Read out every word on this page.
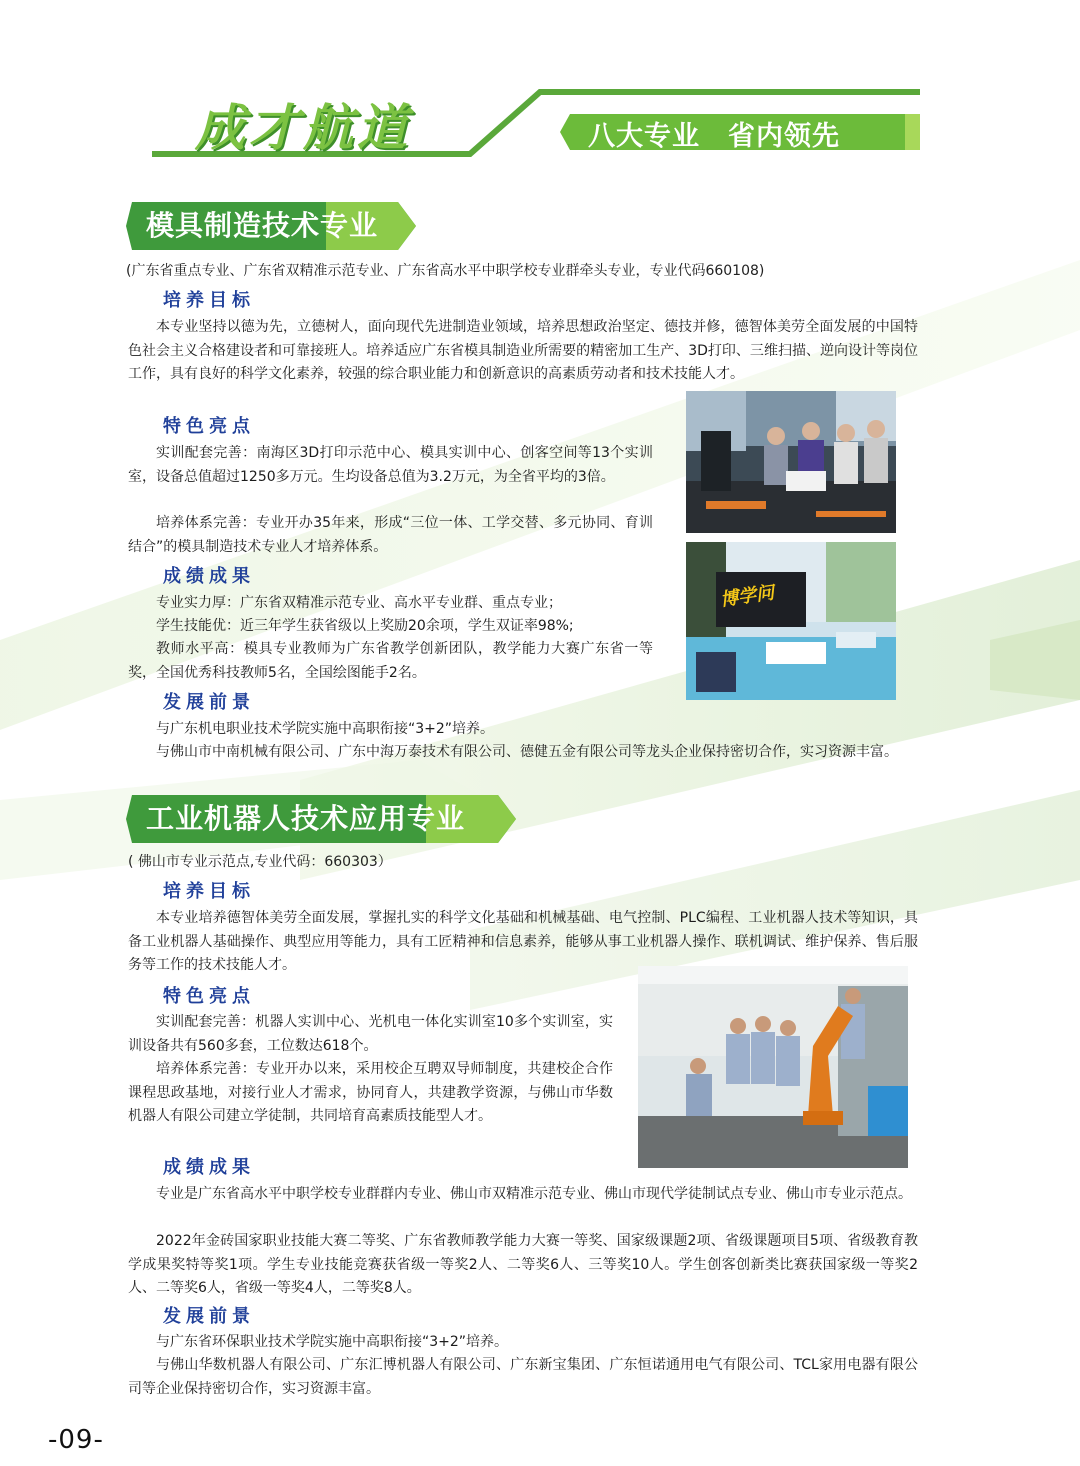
成才航道	八大专业　省内领先
模具制造技术专业
(广东省重点专业、广东省双精准示范专业、广东省高水平中职学校专业群牵头专业，专业代码660108)
培养目标

本专业坚持以德为先，立德树人，面向现代先进制造业领域，培养思想政治坚定、德技并修，德智体美劳全面发展的中国特色社会主义合格建设者和可靠接班人。培养适应广东省模具制造业所需要的精密加工生产、3D打印、三维扫描、逆向设计等岗位工作，具有良好的科学文化素养，较强的综合职业能力和创新意识的高素质劳动者和技术技能人才。

特色亮点

实训配套完善：南海区3D打印示范中心、模具实训中心、创客空间等13个实训室，设备总值超过1250多万元。生均设备总值为3.2万元，为全省平均的3倍。

培养体系完善：专业开办35年来，形成“三位一体、工学交替、多元协同、育训结合”的模具制造技术专业人才培养体系。

成绩成果

专业实力厚：广东省双精准示范专业、高水平专业群、重点专业；

学生技能优：近三年学生获省级以上奖励20余项，学生双证率98%;

教师水平高：模具专业教师为广东省教学创新团队，教学能力大赛广东省一等奖，全国优秀科技教师5名，全国绘图能手2名。

发展前景

与广东机电职业技术学院实施中高职衔接“3+2”培养。

与佛山市中南机械有限公司、广东中海万泰技术有限公司、德健五金有限公司等龙头企业保持密切合作，实习资源丰富。

博学问
工业机器人技术应用专业
( 佛山市专业示范点,专业代码：660303）
培养目标

本专业培养德智体美劳全面发展，掌握扎实的科学文化基础和机械基础、电气控制、PLC编程、工业机器人技术等知识，具备工业机器人基础操作、典型应用等能力，具有工匠精神和信息素养，能够从事工业机器人操作、联机调试、维护保养、售后服务等工作的技术技能人才。

特色亮点

实训配套完善：机器人实训中心、光机电一体化实训室10多个实训室，实训设备共有560多套，工位数达618个。

培养体系完善：专业开办以来，采用校企互聘双导师制度，共建校企合作课程思政基地，对接行业人才需求，协同育人，共建教学资源，与佛山市华数机器人有限公司建立学徒制，共同培育高素质技能型人才。

成绩成果

专业是广东省高水平中职学校专业群群内专业、佛山市双精准示范专业、佛山市现代学徒制试点专业、佛山市专业示范点。

2022年金砖国家职业技能大赛二等奖、广东省教师教学能力大赛一等奖、国家级课题2项、省级课题项目5项、省级教育教学成果奖特等奖1项。学生专业技能竞赛获省级一等奖2人、二等奖6人、三等奖10人。学生创客创新类比赛获国家级一等奖2人、二等奖6人，省级一等奖4人，二等奖8人。

发展前景

与广东省环保职业技术学院实施中高职衔接“3+2”培养。

与佛山华数机器人有限公司、广东汇博机器人有限公司、广东新宝集团、广东恒诺通用电气有限公司、TCL家用电器有限公司等企业保持密切合作，实习资源丰富。

-09-
